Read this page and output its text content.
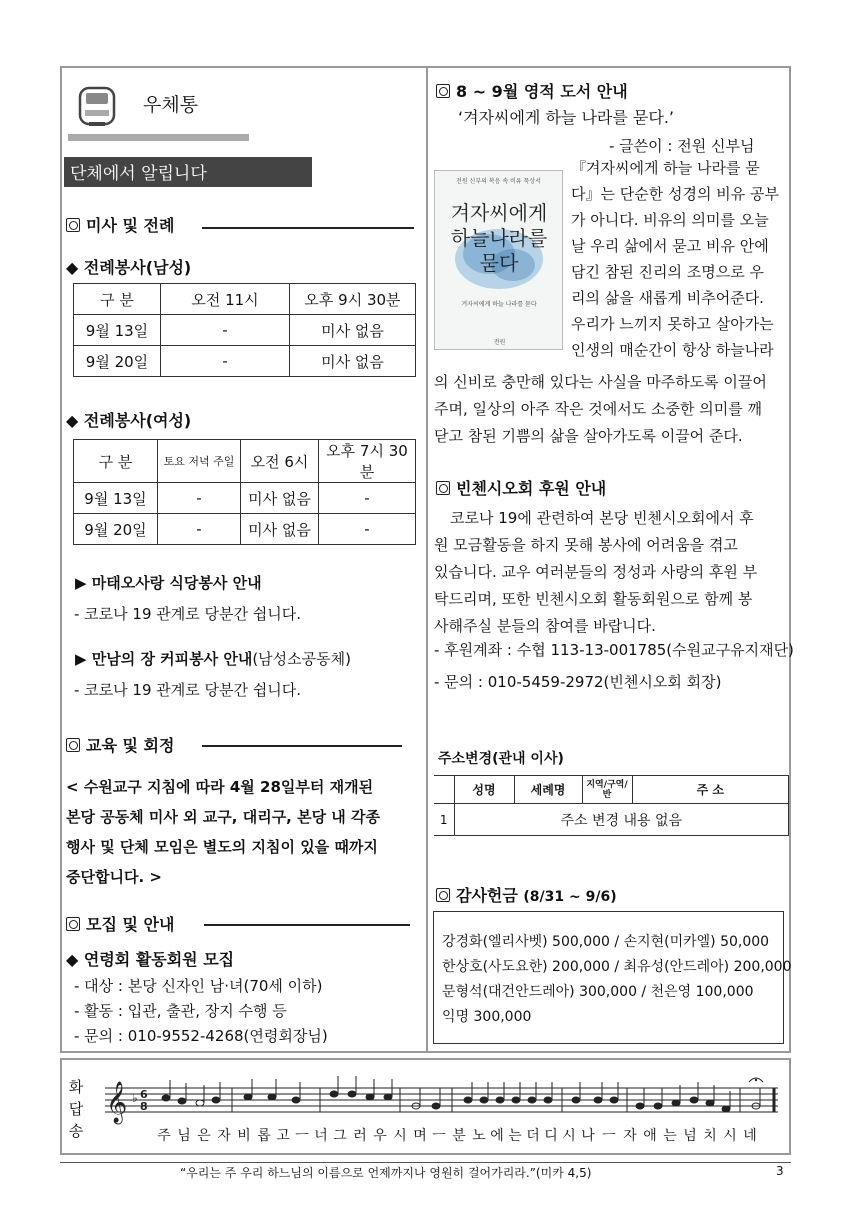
우체통
단체에서 알립니다
미사 및 전례
◆ 전례봉사(남성)
구 분	오전 11시	오후 9시 30분
9월 13일	-	미사 없음
9월 20일	-	미사 없음
◆ 전례봉사(여성)
구 분	토요 저녁 주일	오전 6시	오후 7시 30분
9월 13일	-	미사 없음	-
9월 20일	-	미사 없음	-
▶ 마태오사랑 식당봉사 안내
- 코로나 19 관계로 당분간 쉽니다.
▶ 만남의 장 커피봉사 안내(남성소공동체)
- 코로나 19 관계로 당분간 쉽니다.
교육 및 회정
< 수원교구 지침에 따라 4월 28일부터 재개된
본당 공동체 미사 외 교구, 대리구, 본당 내 각종
행사 및 단체 모임은 별도의 지침이 있을 때까지
중단합니다. >
모집 및 안내
◆ 연령회 활동회원 모집
- 대상 : 본당 신자인 남·녀(70세 이하)
- 활동 : 입관, 출관, 장지 수행 등
- 문의 : 010-9552-4268(연령회장님)
8 ~ 9월 영적 도서 안내
‘겨자씨에게 하늘 나라를 묻다.’
- 글쓴이 : 전원 신부님
전원 신부의 복음 속 비유 묵상서
겨자씨에게 하늘나라를 묻다
겨자씨에게 하늘 나라를 묻다
전원
『겨자씨에게 하늘 나라를 묻
다』는 단순한 성경의 비유 공부
가 아니다. 비유의 의미를 오늘
날 우리 삶에서 묻고 비유 안에
담긴 참된 진리의 조명으로 우
리의 삶을 새롭게 비추어준다.
우리가 느끼지 못하고 살아가는
인생의 매순간이 항상 하늘나라
의 신비로 충만해 있다는 사실을 마주하도록 이끌어
주며, 일상의 아주 작은 것에서도 소중한 의미를 깨
닫고 참된 기쁨의 삶을 살아가도록 이끌어 준다.
빈첸시오회 후원 안내
코로나 19에 관련하여 본당 빈첸시오회에서 후
원 모금활동을 하지 못해 봉사에 어려움을 겪고
있습니다. 교우 여러분들의 정성과 사랑의 후원 부
탁드리며, 또한 빈첸시오회 활동회원으로 함께 봉
사해주실 분들의 참여를 바랍니다.
- 후원계좌 : 수협 113-13-001785(수원교구유지재단)
- 문의 : 010-5459-2972(빈첸시오회 회장)
주소변경(관내 이사)
	성명	세례명	지역/구역/반	주 소
1	주소 변경 내용 없음			
감사헌금 (8/31 ~ 9/6)
강경화(엘리사벳) 500,000 / 손지현(미카엘) 50,000
한상호(사도요한) 200,000 / 최유성(안드레아) 200,000
문형석(대건안드레아) 300,000 / 천은영 100,000
익명 300,000
화답송
𝄞 ♭ 6
8
주 님 은 자 비 롭 고 ㅡ 너 그 러 우 시 며 ㅡ 분 노 에 는 더 디 시 나 ㅡ 자 애 는 넘 치 시 네
“우리는 주 우리 하느님의 이름으로 언제까지나 영원히 걸어가리라.”(미카 4,5)	3
